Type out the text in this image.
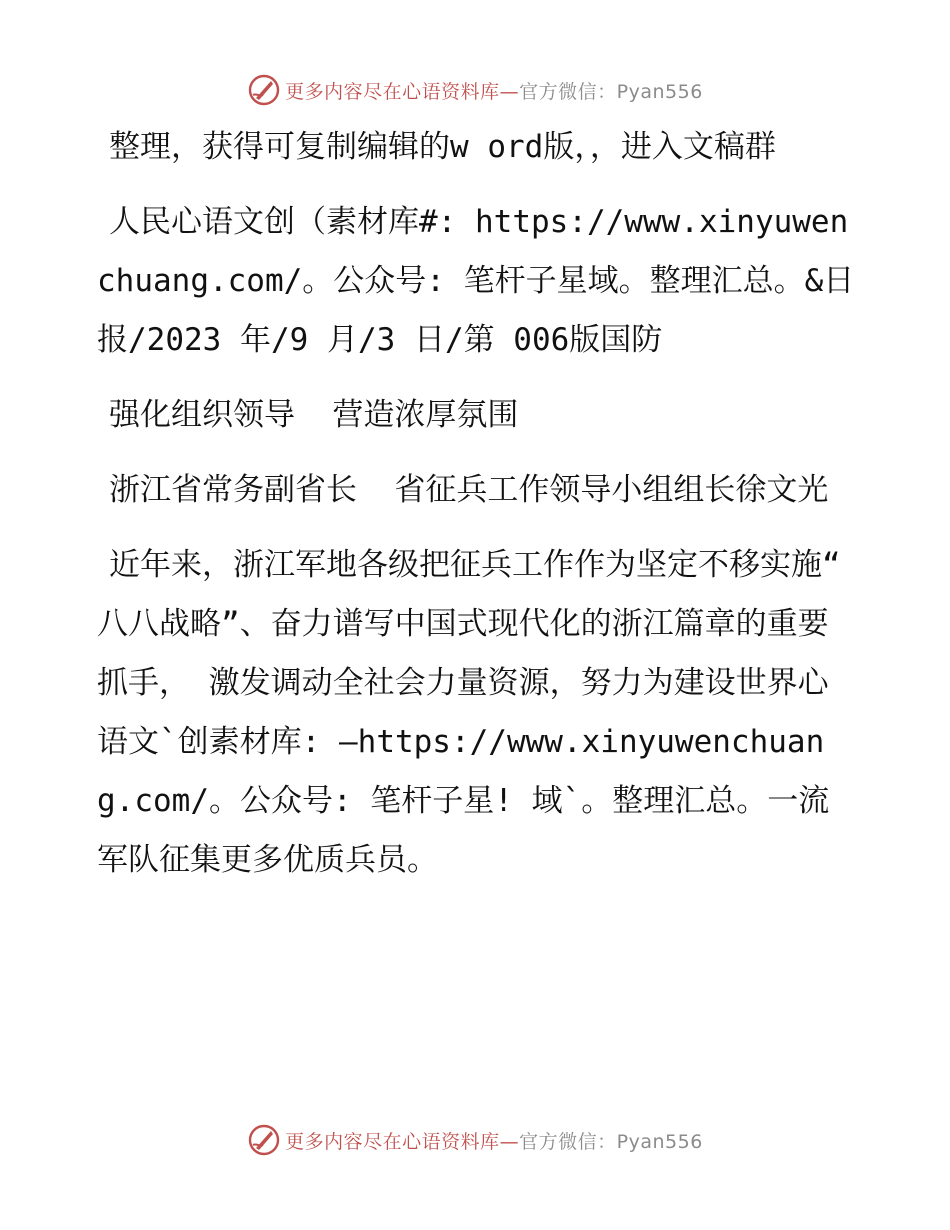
更多内容尽在心语资料库—官方微信：Pyan556

整理，获得可复制编辑的w ord版，，进入文稿群

人民心语文创（素材库#: https://www.xinyuwenchuang.com/。公众号: 笔杆子星域。整理汇总。&日报/2023 年/9 月/3 日/第 006版国防

强化组织领导  营造浓厚氛围

浙江省常务副省长  省征兵工作领导小组组长徐文光

近年来，浙江军地各级把征兵工作作为坚定不移实施“ 八八战略”、奋力谱写中国式现代化的浙江篇章的重要抓手， 激发调动全社会力量资源，努力为建设世界心语文`创素材库: —https://www.xinyuwenchuang.com/。公众号: 笔杆子星! 域`。整理汇总。一流军队征集更多优质兵员。

更多内容尽在心语资料库—官方微信：Pyan556
